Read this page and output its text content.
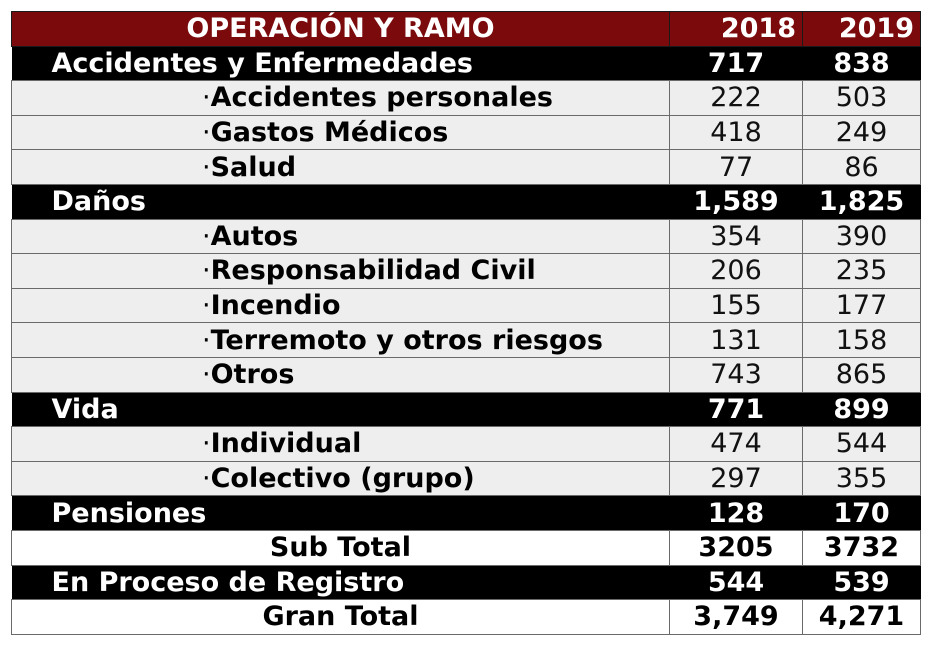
OPERACIÓN Y RAMO	2018	2019
Accidentes y Enfermedades	717	838
·Accidentes personales	222	503
·Gastos Médicos	418	249
·Salud	77	86
Daños	1,589	1,825
·Autos	354	390
·Responsabilidad Civil	206	235
·Incendio	155	177
·Terremoto y otros riesgos	131	158
·Otros	743	865
Vida	771	899
·Individual	474	544
·Colectivo (grupo)	297	355
Pensiones	128	170
Sub Total	3205	3732
En Proceso de Registro	544	539
Gran Total	3,749	4,271
